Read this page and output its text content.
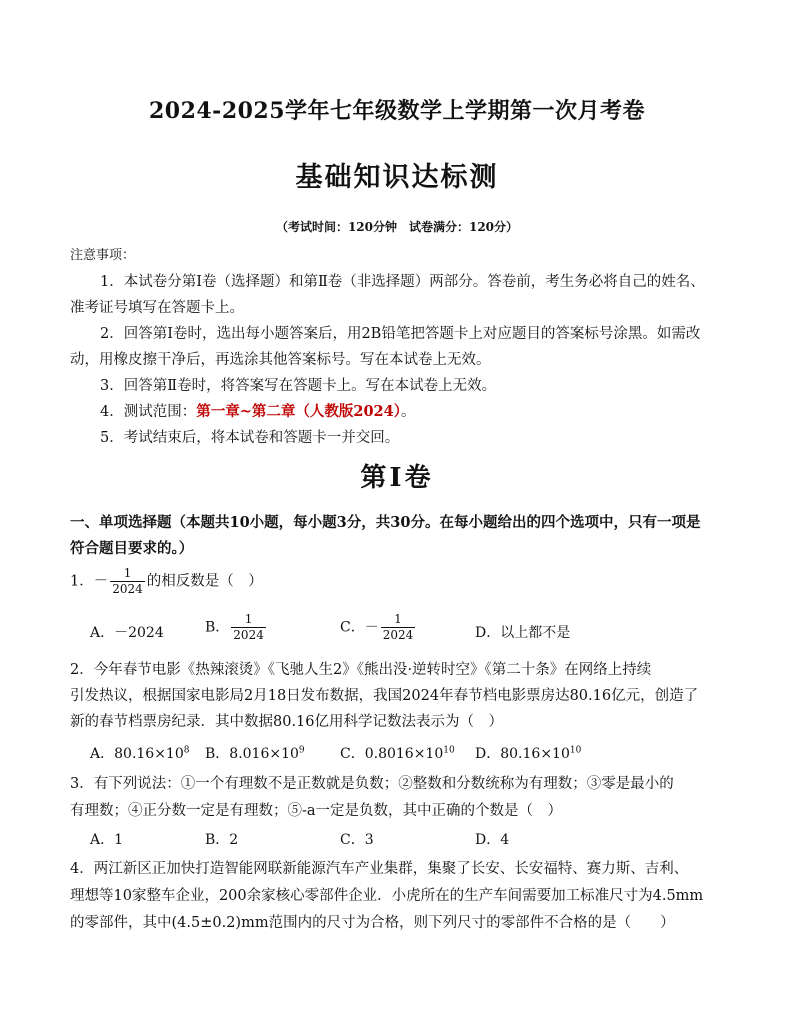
2024-2025学年七年级数学上学期第一次月考卷
基础知识达标测
（考试时间：120分钟　试卷满分：120分）
注意事项：
1．本试卷分第Ⅰ卷（选择题）和第Ⅱ卷（非选择题）两部分。答卷前，考生务必将自己的姓名、
准考证号填写在答题卡上。
2．回答第Ⅰ卷时，选出每小题答案后，用2B铅笔把答题卡上对应题目的答案标号涂黑。如需改
动，用橡皮擦干净后，再选涂其他答案标号。写在本试卷上无效。
3．回答第Ⅱ卷时，将答案写在答题卡上。写在本试卷上无效。
4．测试范围：第一章~第二章（人教版2024）。
5．考试结束后，将本试卷和答题卡一并交回。
第Ⅰ卷
一、单项选择题（本题共10小题，每小题3分，共30分。在每小题给出的四个选项中，只有一项是
符合题目要求的。）
1．－ $\frac{1}{2024}$ 的相反数是（　）
A．－2024	B． $\frac{1}{2024}$	C．－ $\frac{1}{2024}$	D．以上都不是
2．今年春节电影《热辣滚烫》《飞驰人生2》《熊出没·逆转时空》《第二十条》在网络上持续
引发热议，根据国家电影局2月18日发布数据，我国2024年春节档电影票房达80.16亿元，创造了
新的春节档票房纪录．其中数据80.16亿用科学记数法表示为（　）
A．$80.16\times 10^8$ B．$8.016\times 10^9$	C．$0.8016\times 10^{10}$ D．$80.16\times 10^{10}$
3．有下列说法：①一个有理数不是正数就是负数；②整数和分数统称为有理数；③零是最小的
有理数；④正分数一定是有理数；⑤-a一定是负数，其中正确的个数是（　）
A．1	B．2	C．3	D．4
4．两江新区正加快打造智能网联新能源汽车产业集群，集聚了长安、长安福特、赛力斯、吉利、
理想等10家整车企业，200余家核心零部件企业．小虎所在的生产车间需要加工标准尺寸为4.5mm
的零部件，其中(4.5±0.2)mm范围内的尺寸为合格，则下列尺寸的零部件不合格的是（　　）
